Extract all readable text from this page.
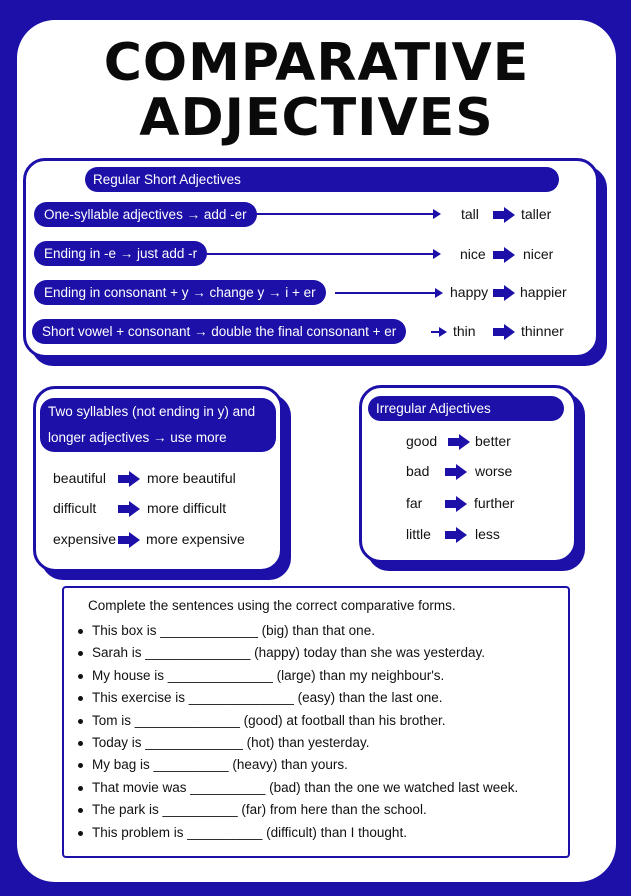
COMPARATIVE
ADJECTIVES
Regular Short Adjectives
One-syllable adjectives → add -er	tall	taller
Ending in -e → just add -r	nice	nicer
Ending in consonant + y → change y → i + er	happy happier
Short vowel + consonant → double the final consonant + er	thin	thinner
Two syllables (not ending in y) and
longer adjectives → use more
beautiful	more beautiful
difficult	more difficult
expensive more expensive
Irregular Adjectives
good	better
bad	worse
far	further
little	less
Complete the sentences using the correct comparative forms.
This box is _____________ (big) than that one.
Sarah is ______________ (happy) today than she was yesterday.
My house is ______________ (large) than my neighbour's.
This exercise is ______________ (easy) than the last one.
Tom is ______________ (good) at football than his brother.
Today is _____________ (hot) than yesterday.
My bag is __________ (heavy) than yours.
That movie was __________ (bad) than the one we watched last week.
The park is __________ (far) from here than the school.
This problem is __________ (difficult) than I thought.
